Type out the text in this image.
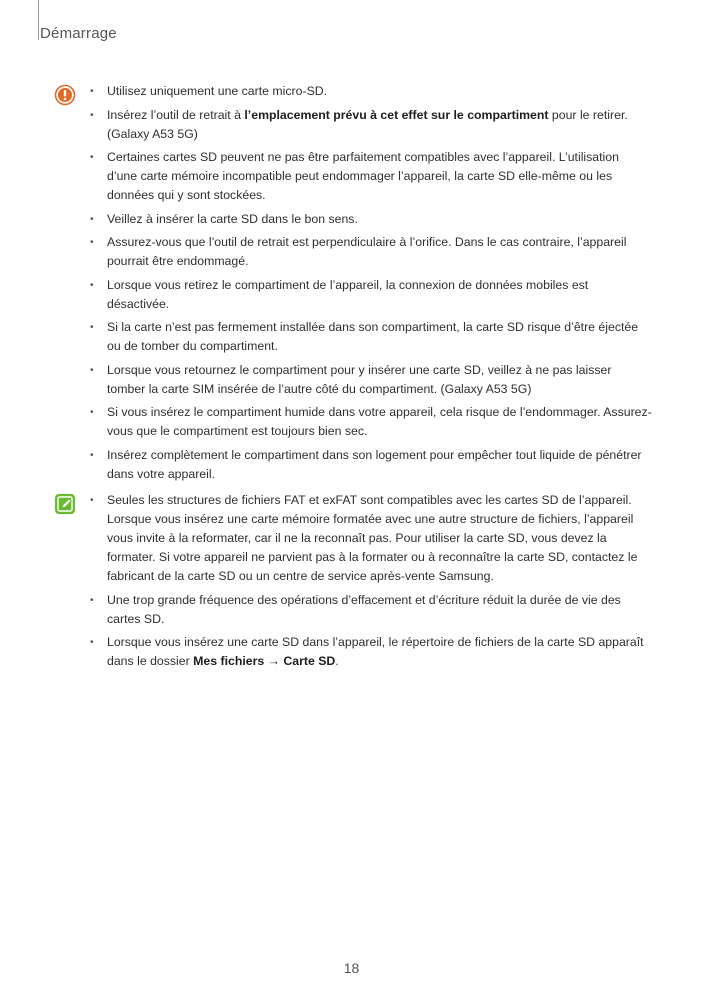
Démarrage
• Utilisez uniquement une carte micro-SD.
• Insérez l’outil de retrait à l’emplacement prévu à cet effet sur le compartiment pour le retirer. (Galaxy A53 5G)
• Certaines cartes SD peuvent ne pas être parfaitement compatibles avec l’appareil. L’utilisation d’une carte mémoire incompatible peut endommager l’appareil, la carte SD elle-même ou les données qui y sont stockées.
• Veillez à insérer la carte SD dans le bon sens.
• Assurez-vous que l’outil de retrait est perpendiculaire à l’orifice. Dans le cas contraire, l’appareil pourrait être endommagé.
• Lorsque vous retirez le compartiment de l’appareil, la connexion de données mobiles est désactivée.
• Si la carte n’est pas fermement installée dans son compartiment, la carte SD risque d’être éjectée ou de tomber du compartiment.
• Lorsque vous retournez le compartiment pour y insérer une carte SD, veillez à ne pas laisser tomber la carte SIM insérée de l’autre côté du compartiment. (Galaxy A53 5G)
• Si vous insérez le compartiment humide dans votre appareil, cela risque de l’endommager. Assurez-vous que le compartiment est toujours bien sec.
• Insérez complètement le compartiment dans son logement pour empêcher tout liquide de pénétrer dans votre appareil.
• Seules les structures de fichiers FAT et exFAT sont compatibles avec les cartes SD de l’appareil. Lorsque vous insérez une carte mémoire formatée avec une autre structure de fichiers, l’appareil vous invite à la reformater, car il ne la reconnaît pas. Pour utiliser la carte SD, vous devez la formater. Si votre appareil ne parvient pas à la formater ou à reconnaître la carte SD, contactez le fabricant de la carte SD ou un centre de service après-vente Samsung.
• Une trop grande fréquence des opérations d’effacement et d’écriture réduit la durée de vie des cartes SD.
• Lorsque vous insérez une carte SD dans l’appareil, le répertoire de fichiers de la carte SD apparaît dans le dossier Mes fichiers → Carte SD.
18
